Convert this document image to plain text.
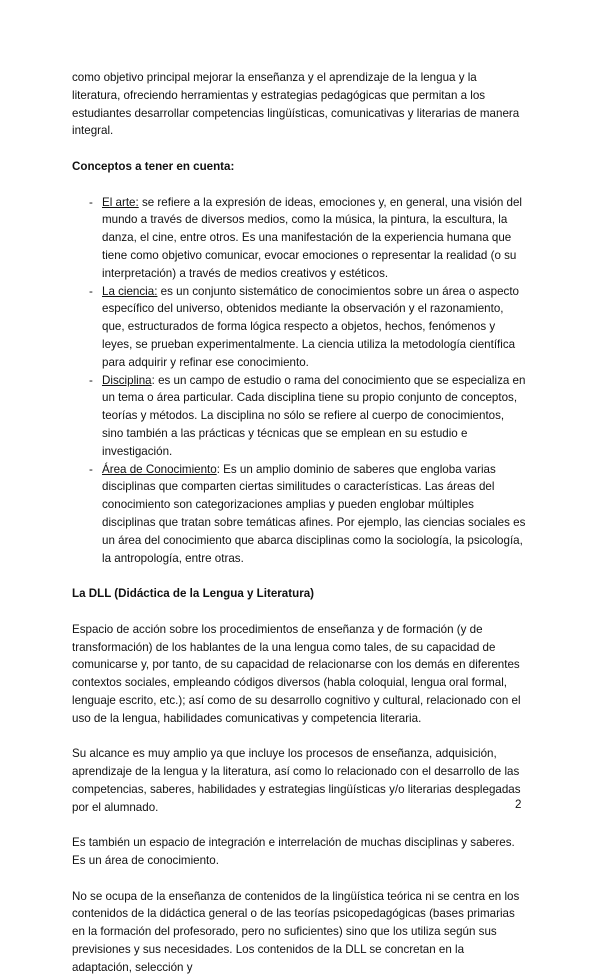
como objetivo principal mejorar la enseñanza y el aprendizaje de la lengua y la literatura, ofreciendo herramientas y estrategias pedagógicas que permitan a los estudiantes desarrollar competencias lingüísticas, comunicativas y literarias de manera integral.

Conceptos a tener en cuenta:

- El arte: se refiere a la expresión de ideas, emociones y, en general, una visión del mundo a través de diversos medios, como la música, la pintura, la escultura, la danza, el cine, entre otros. Es una manifestación de la experiencia humana que tiene como objetivo comunicar, evocar emociones o representar la realidad (o su interpretación) a través de medios creativos y estéticos.
- La ciencia: es un conjunto sistemático de conocimientos sobre un área o aspecto específico del universo, obtenidos mediante la observación y el razonamiento, que, estructurados de forma lógica respecto a objetos, hechos, fenómenos y leyes, se prueban experimentalmente. La ciencia utiliza la metodología científica para adquirir y refinar ese conocimiento.
- Disciplina: es un campo de estudio o rama del conocimiento que se especializa en un tema o área particular. Cada disciplina tiene su propio conjunto de conceptos, teorías y métodos. La disciplina no sólo se refiere al cuerpo de conocimientos, sino también a las prácticas y técnicas que se emplean en su estudio e investigación.
- Área de Conocimiento: Es un amplio dominio de saberes que engloba varias disciplinas que comparten ciertas similitudes o características. Las áreas del conocimiento son categorizaciones amplias y pueden englobar múltiples disciplinas que tratan sobre temáticas afines. Por ejemplo, las ciencias sociales es un área del conocimiento que abarca disciplinas como la sociología, la psicología, la antropología, entre otras.

La DLL (Didáctica de la Lengua y Literatura)

Espacio de acción sobre los procedimientos de enseñanza y de formación (y de transformación) de los hablantes de la una lengua como tales, de su capacidad de comunicarse y, por tanto, de su capacidad de relacionarse con los demás en diferentes contextos sociales, empleando códigos diversos (habla coloquial, lengua oral formal, lenguaje escrito, etc.); así como de su desarrollo cognitivo y cultural, relacionado con el uso de la lengua, habilidades comunicativas y competencia literaria.

Su alcance es muy amplio ya que incluye los procesos de enseñanza, adquisición, aprendizaje de la lengua y la literatura, así como lo relacionado con el desarrollo de las competencias, saberes, habilidades y estrategias lingüísticas y/o literarias desplegadas por el alumnado.

Es también un espacio de integración e interrelación de muchas disciplinas y saberes. Es un área de conocimiento.

No se ocupa de la enseñanza de contenidos de la lingüística teórica ni se centra en los contenidos de la didáctica general o de las teorías psicopedagógicas (bases primarias en la formación del profesorado, pero no suficientes) sino que los utiliza según sus previsiones y sus necesidades. Los contenidos de la DLL se concretan en la adaptación, selección y

2
